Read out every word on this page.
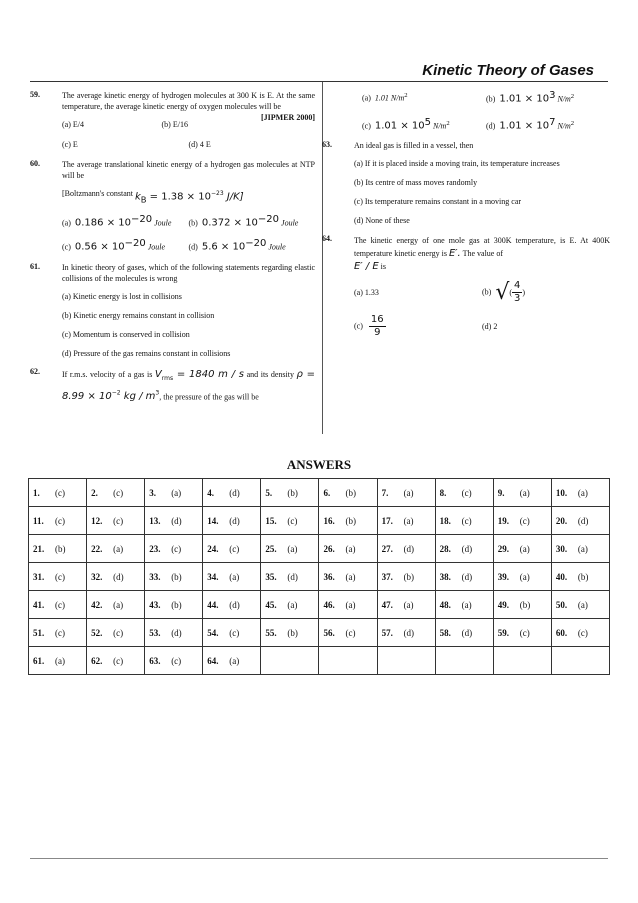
Kinetic Theory of Gases
59.	The average kinetic energy of hydrogen molecules at 300 K is E. At the same temperature, the average kinetic energy of oxygen molecules will be
[JIPMER 2000]
(a) E/4	(b) E/16
(c) E	(d) 4 E
60.	The average translational kinetic energy of a hydrogen gas molecules at NTP will be
[Boltzmann's constant
$k_B = 1.38 \times 10^{-23}$ J/K]
(a) $0.186 \times 10^{-20}$ Joule	(b) $0.372 \times 10^{-20}$ Joule
(c) $0.56 \times 10^{-20}$ Joule	(d) $5.6 \times 10^{-20}$ Joule
61.	In kinetic theory of gases, which of the following statements regarding elastic collisions of the molecules is wrong
(a) Kinetic energy is lost in collisions
(b) Kinetic energy remains constant in collision
(c) Momentum is conserved in collision
(d) Pressure of the gas remains constant in collisions
62.	If r.m.s. velocity of a gas is $V_{rms} = 1840$ m / s and its density $\rho = 8.99 \times 10^{-2}$ kg / $m^3$, the pressure of the gas will be
(a) 1.01 $N/m^2$	(b) $1.01 \times 10^3$ $N/m^2$
(c) $1.01 \times 10^5$ $N/m^2$	(d) $1.01 \times 10^7$ $N/m^2$
63.	An ideal gas is filled in a vessel, then
(a) If it is placed inside a moving train, its temperature increases
(b) Its centre of mass moves randomly
(c) Its temperature remains constant in a moving car
(d) None of these
64.	The kinetic energy of one mole gas at 300K temperature, is E. At 400K temperature kinetic energy is E′. The value of
E′ / E is
(a) 1.33	(b) √ ( $\frac{4}{3}$ )
$(c) \frac{16}{9}$	(d) 2
ANSWERS
1. (c)	2. (c)	3. (a)	4. (d)	5. (b)	6. (b)	7. (a)	8. (c)	9. (a)	10. (a)
11. (c)	12. (c)	13. (d)	14. (d)	15. (c)	16. (b)	17. (a)	18. (c)	19. (c)	20. (d)
21. (b)	22. (a)	23. (c)	24. (c)	25. (a)	26. (a)	27. (d)	28. (d)	29. (a)	30. (a)
31. (c)	32. (d)	33. (b)	34. (a)	35. (d)	36. (a)	37. (b)	38. (d)	39. (a)	40. (b)
41. (c)	42. (a)	43. (b)	44. (d)	45. (a)	46. (a)	47. (a)	48. (a)	49. (b)	50. (a)
51. (c)	52. (c)	53. (d)	54. (c)	55. (b)	56. (c)	57. (d)	58. (d)	59. (c)	60. (c)
61. (a)	62. (c)	63. (c)	64. (a)						
